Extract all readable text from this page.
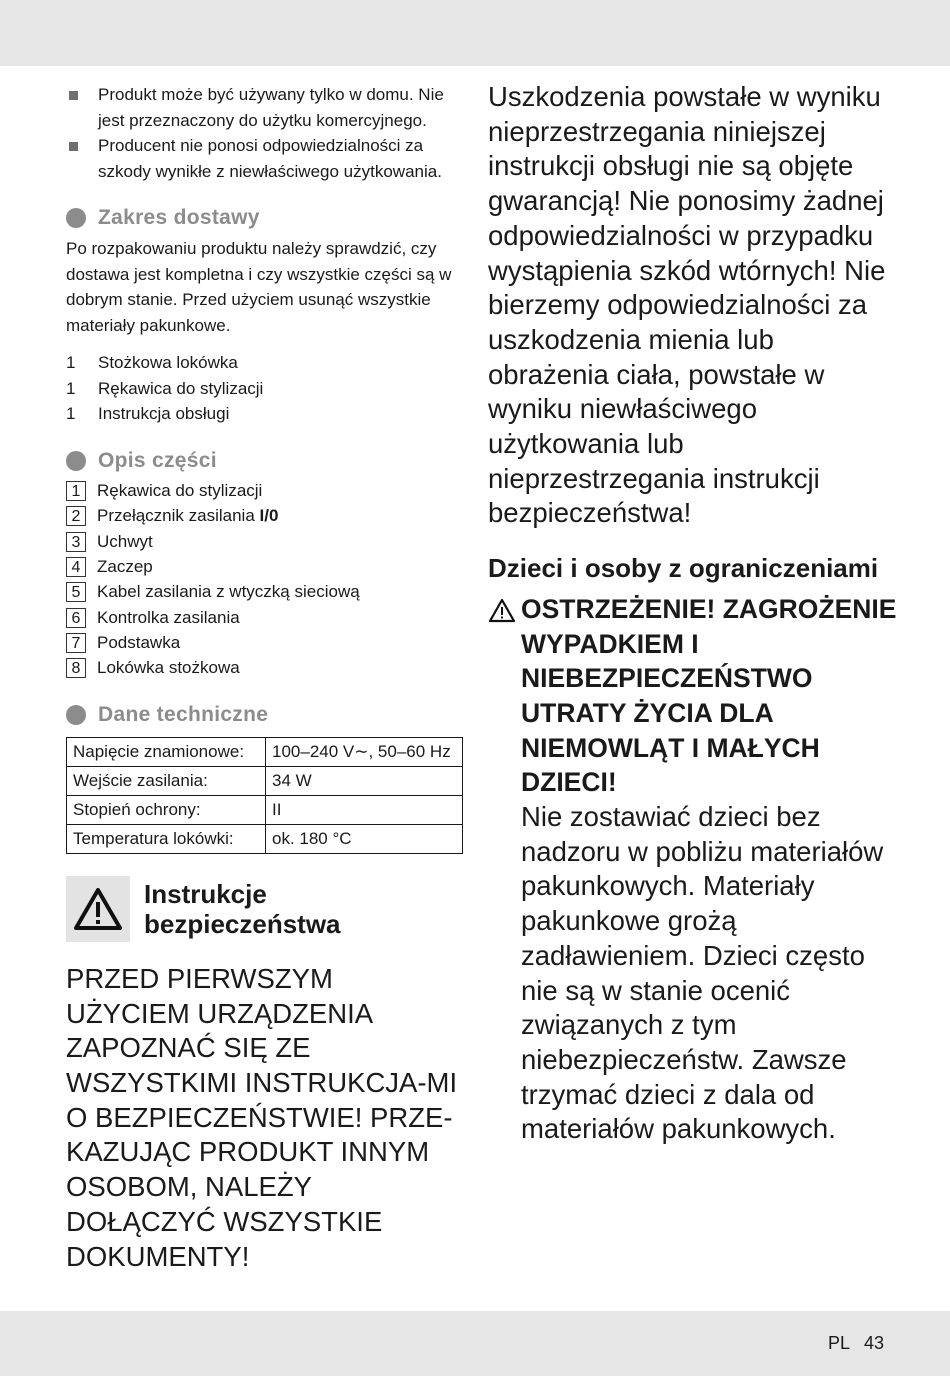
Produkt może być używany tylko w domu. Nie jest przeznaczony do użytku komercyjnego.
Producent nie ponosi odpowiedzialności za szkody wynikłe z niewłaściwego użytkowania.
Zakres dostawy

Po rozpakowaniu produktu należy sprawdzić, czy dostawa jest kompletna i czy wszystkie części są w dobrym stanie. Przed użyciem usunąć wszystkie materiały pakunkowe.

1	Stożkowa lokówka
1	Rękawica do stylizacji
1	Instrukcja obsługi
Opis części
1 Rękawica do stylizacji
2 Przełącznik zasilania I/0
3 Uchwyt
4 Zaczep
5 Kabel zasilania z wtyczką sieciową
6 Kontrolka zasilania
7 Podstawka
8 Lokówka stożkowa
Dane techniczne
Napięcie znamionowe:	100–240 V∼, 50–60 Hz
Wejście zasilania:	34 W
Stopień ochrony:	II
Temperatura lokówki:	ok. 180 °C
Instrukcje
bezpieczeństwa
PRZED PIERWSZYM UŻYCIEM URZĄDZENIA ZAPOZNAĆ SIĘ ZE WSZYSTKIMI INSTRUKCJA-MI O BEZPIECZEŃSTWIE! PRZE-KAZUJĄC PRODUKT INNYM OSOBOM, NALEŻY DOŁĄCZYĆ WSZYSTKIE DOKUMENTY!

Uszkodzenia powstałe w wyniku nieprzestrzegania niniejszej instrukcji obsługi nie są objęte gwarancją! Nie ponosimy żadnej odpowiedzialności w przypadku wystąpienia szkód wtórnych! Nie bierzemy odpowiedzialności za uszkodzenia mienia lub obrażenia ciała, powstałe w wyniku niewłaściwego użytkowania lub nieprzestrzegania instrukcji bezpieczeństwa!

Dzieci i osoby z ograniczeniami
OSTRZEŻENIE! ZAGROŻENIE WYPADKIEM I NIEBEZPIECZEŃSTWO UTRATY ŻYCIA DLA NIEMOWLĄT I MAŁYCH DZIECI!
Nie zostawiać dzieci bez nadzoru w pobliżu materiałów pakunkowych. Materiały pakunkowe grożą zadławieniem. Dzieci często nie są w stanie ocenić związanych z tym niebezpieczeństw. Zawsze trzymać dzieci z dala od materiałów pakunkowych.
PL 43
